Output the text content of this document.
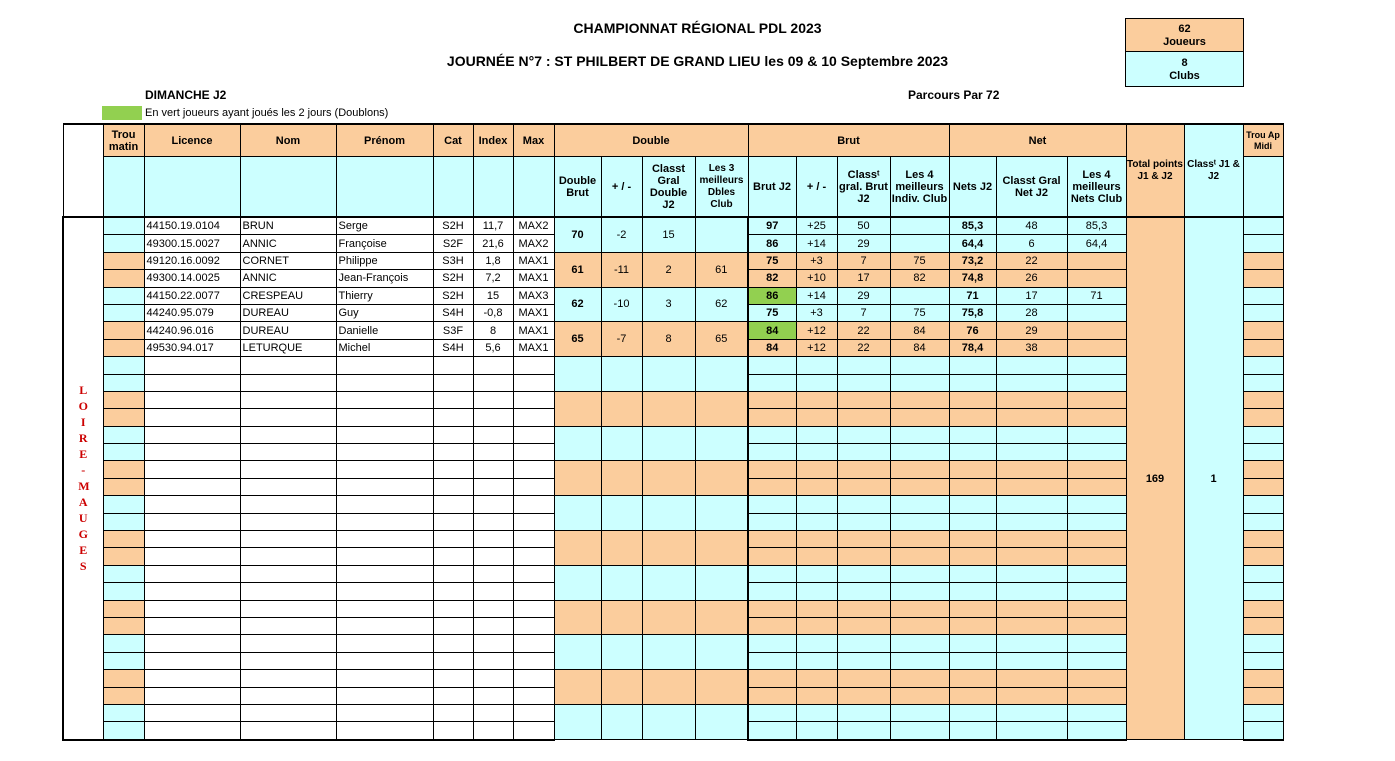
CHAMPIONNAT RÉGIONAL PDL 2023
JOURNÉE N°7 : ST PHILBERT DE GRAND LIEU les 09 & 10 Septembre 2023
62
Joueurs
8
Clubs
DIMANCHE J2	Parcours Par 72
En vert joueurs ayant joués les 2 jours (Doublons)
	Trou matin	Licence	Nom	Prénom	Cat	Index	Max	Double				Brut				Net			Total points J1 & J2	Classᵗ J1 & J2	Trou Ap Midi
								Double Brut	+ / -	Classt Gral Double J2	Les 3 meilleurs Dbles Club	Brut J2	+ / -	Classᵗ gral. Brut J2	Les 4 meilleurs Indiv. Club	Nets J2	Classt Gral Net J2	Les 4 meilleurs Nets Club			

L O I R E - M A U G E S		44150.19.0104	BRUN	Serge	S2H	11,7	MAX2	70	-2	15		97	+25	50		85,3	48	85,3	169	1	
		49300.15.0027	ANNIC	Françoise	S2F	21,6	MAX2					86	+14	29		64,4	6	64,4			
		49120.16.0092	CORNET	Philippe	S3H	1,8	MAX1	61	-11	2	61	75	+3	7	75	73,2	22				
		49300.14.0025	ANNIC	Jean-François	S2H	7,2	MAX1					82	+10	17	82	74,8	26				
		44150.22.0077	CRESPEAU	Thierry	S2H	15	MAX3	62	-10	3	62	86	+14	29		71	17	71			
		44240.95.079	DUREAU	Guy	S4H	-0,8	MAX1					75	+3	7	75	75,8	28				
		44240.96.016	DUREAU	Danielle	S3F	8	MAX1	65	-7	8	65	84	+12	22	84	76	29				
		49530.94.017	LETURQUE	Michel	S4H	5,6	MAX1					84	+12	22	84	78,4	38				
